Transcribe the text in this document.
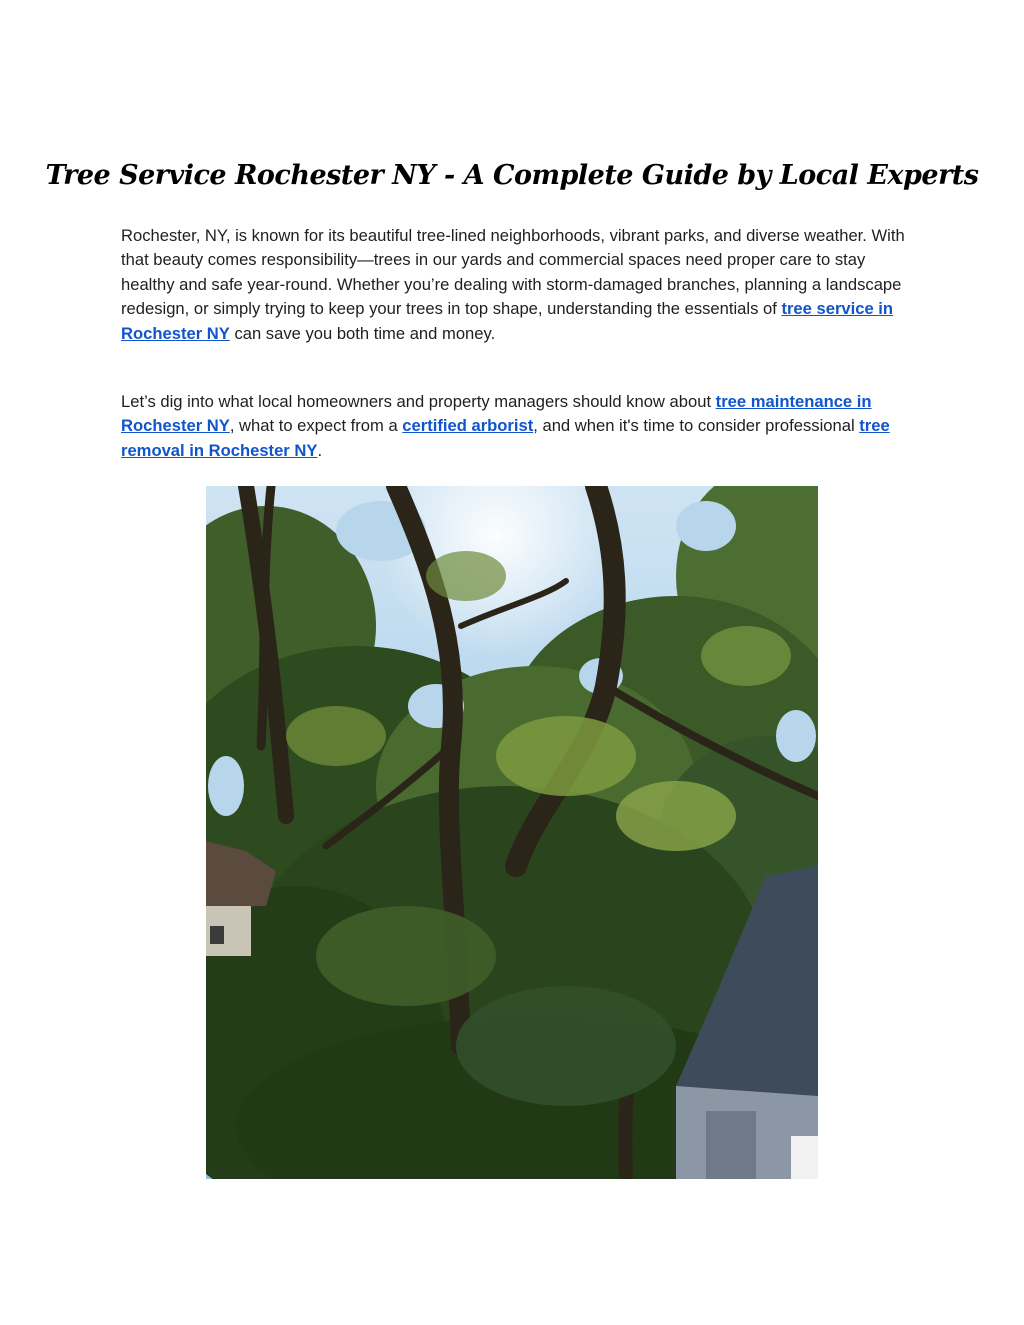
Tree Service Rochester NY - A Complete Guide by Local Experts

Rochester, NY, is known for its beautiful tree-lined neighborhoods, vibrant parks, and diverse weather. With that beauty comes responsibility—trees in our yards and commercial spaces need proper care to stay healthy and safe year-round. Whether you’re dealing with storm-damaged branches, planning a landscape redesign, or simply trying to keep your trees in top shape, understanding the essentials of tree service in Rochester NY can save you both time and money.

Let’s dig into what local homeowners and property managers should know about tree maintenance in Rochester NY, what to expect from a certified arborist, and when it's time to consider professional tree removal in Rochester NY.
